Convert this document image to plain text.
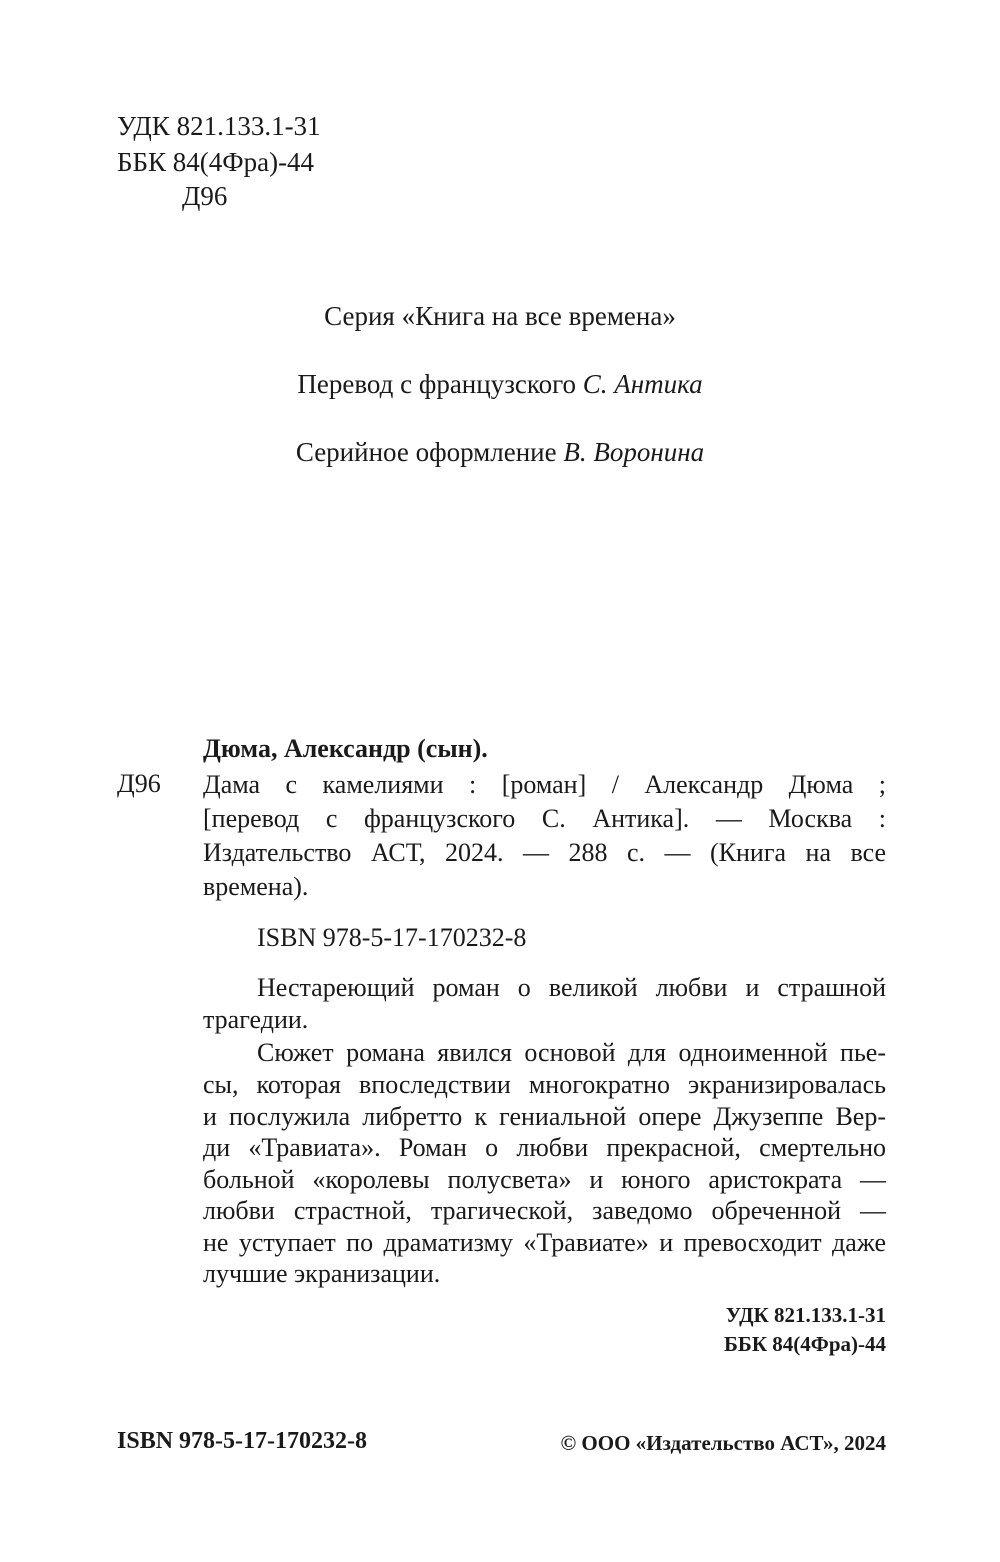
УДК 821.133.1-31
ББК 84(4Фра)-44
Д96
Серия «Книга на все времена»
Перевод с французского С. Антика
Серийное оформление В. Воронина
Дюма, Александр (сын).
Д96 Дама с камелиями : [роман] / Александр Дюма ;
[перевод с французского С. Антика]. — Москва :
Издательство АСТ, 2024. — 288 с. — (Книга на все
времена).
ISBN 978-5-17-170232-8
Нестареющий роман о великой любви и страшной
трагедии.
Сюжет романа явился основой для одноименной пье-
сы, которая впоследствии многократно экранизировалась
и послужила либретто к гениальной опере Джузеппе Вер-
ди «Травиата». Роман о любви прекрасной, смертельно
больной «королевы полусвета» и юного аристократа —
любви страстной, трагической, заведомо обреченной —
не уступает по драматизму «Травиате» и превосходит даже
лучшие экранизации.
УДК 821.133.1-31
ББК 84(4Фра)-44
ISBN 978-5-17-170232-8	© ООО «Издательство АСТ», 2024
